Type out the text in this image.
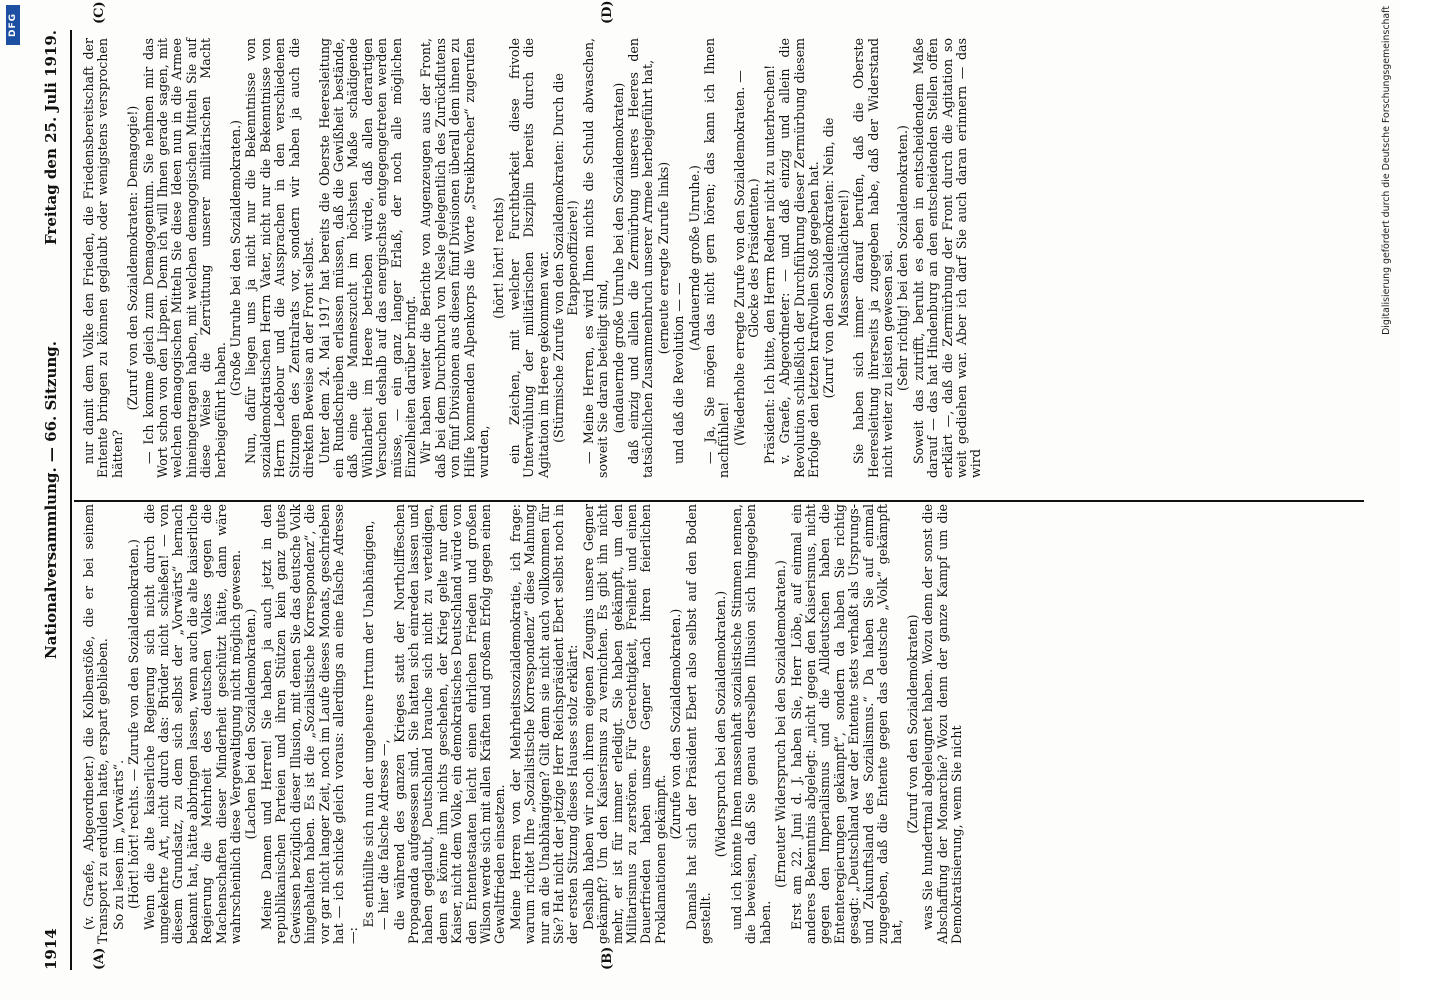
DFG
1914
Nationalversammlung. — 66. Sitzung.
Freitag den 25. Juli 1919.
(A)	(B)
(C)	(D)

(v. Graefe, Abgeordneter.) die Kolbenstöße, die er bei seinem Transport zu erdulden hatte, erspart geblieben. So zu lesen im „Vorwärts“. (Hört! hört! rechts. — Zurufe von den Sozialdemokraten.) Wenn die alte kaiserliche Regierung sich nicht durch die umgekehrte Art, nicht durch das: Brüder nicht schießen! — von diesem Grundsatz, zu dem sich selbst der „Vorwärts“ hernach bekannt hat, hätte abbringen lassen, wenn auch die alte kaiserliche Regierung die Mehrheit des deutschen Volkes gegen die Machenschaften dieser Minderheit geschützt hätte, dann wäre wahrscheinlich diese Vergewaltigung nicht möglich gewesen. (Lachen bei den Sozialdemokraten.) Meine Damen und Herren! Sie haben ja auch jetzt in den republikanischen Parteien und ihren Stützen kein ganz gutes Gewissen bezüglich dieser Illusion, mit denen Sie das deutsche Volk hingehalten haben. Es ist die „Sozialistische Korrespondenz“, die vor gar nicht langer Zeit, noch im Laufe dieses Monats, geschrieben hat — ich schicke gleich voraus: allerdings an eine falsche Adresse —:

Es enthüllte sich nun der ungeheure Irrtum der Unabhängigen, — hier die falsche Adresse —, die während des ganzen Krieges statt der Northcliffeschen Propaganda aufgesessen sind. Sie hatten sich einreden lassen und haben geglaubt, Deutschland brauche sich nicht zu verteidigen, denn es könne ihm nichts geschehen, der Krieg gelte nur dem Kaiser, nicht dem Volke, ein demokratisches Deutschland würde von den Ententestaaten leicht einen ehrlichen Frieden und großen Wilson werde sich mit allen Kräften und großem Erfolg gegen einen Gewaltfrieden einsetzen. Meine Herren von der Mehrheitssozialdemokratie, ich frage: warum richtet Ihre „Sozialistische Korrespondenz“ diese Mahnung nur an die Unabhängigen? Gilt denn sie nicht auch vollkommen für Sie? Hat nicht der jetzige Herr Reichspräsident Ebert selbst noch in der ersten Sitzung dieses Hauses stolz erklärt: Deshalb haben wir noch ihrem eigenen Zeugnis unsere Gegner gekämpft? Um den Kaiserismus zu vernichten. Es gibt ihn nicht mehr, er ist für immer erledigt. Sie haben gekämpft, um den Militarismus zu zerstören. Für Gerechtigkeit, Freiheit und einen Dauerfrieden haben unsere Gegner nach ihren feierlichen Proklamationen gekämpft.

(Zurufe von den Sozialdemokraten.) Damals hat sich der Präsident Ebert also selbst auf den Boden gestellt.

(Widerspruch bei den Sozialdemokraten.) und ich könnte Ihnen massenhaft sozialistische Stimmen nennen, die beweisen, daß Sie genau derselben Illusion sich hingegeben haben.

(Erneuter Widerspruch bei den Sozialdemokraten.) Erst am 22. Juni d. J. haben Sie, Herr Löbe, auf einmal ein anderes Bekenntnis abgelegt: „nicht gegen den Kaiserismus, nicht gegen den Imperialismus und die Alldeutschen haben die Ententeregierungen gekämpft“, sondern da haben Sie richtig gesagt: „Deutschland war der Entente stets verhaßt als Ursprungs- und Zukunftsland des Sozialismus.“ Da haben Sie auf einmal zugegeben, daß die Entente gegen das deutsche „Volk“ gekämpft hat,

(Zuruf von den Sozialdemokraten) was Sie hundertmal abgeleugnet haben. Wozu denn der sonst die Abschaffung der Monarchie? Wozu denn der ganze Kampf um die Demokratisierung, wenn Sie nicht

nur damit dem Volke den Frieden, die Friedensbereitschaft der Entente bringen zu können geglaubt oder wenigstens versprochen hätten?

(Zuruf von den Sozialdemokraten: Demagogie!) — Ich komme gleich zum Demagogentum. Sie nehmen mir das Wort schon von den Lippen. Denn ich will Ihnen gerade sagen, mit welchen demagogischen Mitteln Sie diese Ideen nun in die Armee hineingetragen haben, mit welchen demagogischen Mitteln Sie auf diese Weise die Zerrüttung unserer militärischen Macht herbeigeführt haben.

(Große Unruhe bei den Sozialdemokraten.) Nun, dafür liegen uns ja nicht nur die Bekenntnisse von sozialdemokratischen Herrn Vater, nicht nur die Bekenntnisse von Herrn Ledebour und die Aussprachen in den verschiedenen Sitzungen des Zentralrats vor, sondern wir haben ja auch die direkten Beweise an der Front selbst. Unter dem 24. Mai 1917 hat bereits die Oberste Heeresleitung ein Rundschreiben erlassen müssen, daß die Gewißheit bestände, daß eine die Manneszucht im höchsten Maße schädigende Wühlarbeit im Heere betrieben würde, daß allen derartigen Versuchen deshalb auf das energischste entgegengetreten werden müsse, — ein ganz langer Erlaß, der noch alle möglichen Einzelheiten darüber bringt. Wir haben weiter die Berichte von Augenzeugen aus der Front, daß bei dem Durchbruch von Nesle gelegentlich des Zurückflutens von fünf Divisionen aus diesen fünf Divisionen überall dem ihnen zu Hilfe kommenden Alpenkorps die Worte „Streikbrecher“ zugerufen wurden,

(hört! hört! rechts) ein Zeichen, mit welcher Furchtbarkeit diese frivole Unterwühlung der militärischen Disziplin bereits durch die Agitation im Heere gekommen war. (Stürmische Zurufe von den Sozialdemokraten: Durch die Etappenoffiziere!) — Meine Herren, es wird Ihnen nichts die Schuld abwaschen, soweit Sie daran beteiligt sind, (andauernde große Unruhe bei den Sozialdemokraten) daß einzig und allein die Zermürbung unseres Heeres den tatsächlichen Zusammenbruch unserer Armee herbeigeführt hat, (erneute erregte Zurufe links)

und daß die Revolution — —

(Andauernde große Unruhe.) — Ja, Sie mögen das nicht gern hören; das kann ich Ihnen nachfühlen! (Wiederholte erregte Zurufe von den Sozialdemokraten. — Glocke des Präsidenten.) Präsident: Ich bitte, den Herrn Redner nicht zu unterbrechen! v. Graefe, Abgeordneter: — und daß einzig und allein die Revolution schließlich der Durchführung dieser Zermürbung diesem Erfolge den letzten kraftvollen Stoß gegeben hat. (Zuruf von den Sozialdemokraten: Nein, die Massenschlächterei!) Sie haben sich immer darauf berufen, daß die Oberste Heeresleitung ihrerseits ja zugegeben habe, daß der Widerstand nicht weiter zu leisten gewesen sei. (Sehr richtig! bei den Sozialdemokraten.) Soweit das zutrifft, beruht es eben in entscheidendem Maße darauf — das hat Hindenburg an den entscheidenden Stellen offen erklärt —, daß die Zermürbung der Front durch die Agitation so weit gediehen war. Aber ich darf Sie auch daran erinnern — das wird

Digitalisierung gefördert durch die Deutsche Forschungsgemeinschaft
